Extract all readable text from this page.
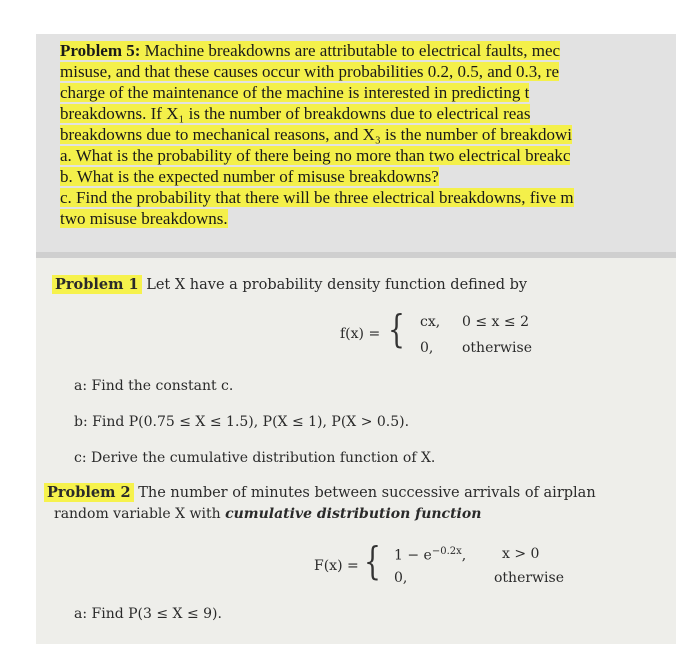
Problem 5: Machine breakdowns are attributable to electrical faults, mec
misuse, and that these causes occur with probabilities 0.2, 0.5, and 0.3, re
charge of the maintenance of the machine is interested in predicting t
breakdowns. If X₁ is the number of breakdowns due to electrical reas
breakdowns due to mechanical reasons, and X₃ is the number of breakdowi
a. What is the probability of there being no more than two electrical breakc
b. What is the expected number of misuse breakdowns?
c. Find the probability that there will be three electrical breakdowns, five m
two misuse breakdowns.
Problem 1 Let X have a probability density function defined by
f(x) = { cx, 0 ≤ x ≤ 2
0, otherwise
a: Find the constant c.
b: Find P(0.75 ≤ X ≤ 1.5), P(X ≤ 1), P(X > 0.5).
c: Derive the cumulative distribution function of X.
Problem 2 The number of minutes between successive arrivals of airplan
random variable X with cumulative distribution function
F(x) = { $1 - e^{-0.2x}$,	x > 0
0,	otherwise
a: Find P(3 ≤ X ≤ 9).
